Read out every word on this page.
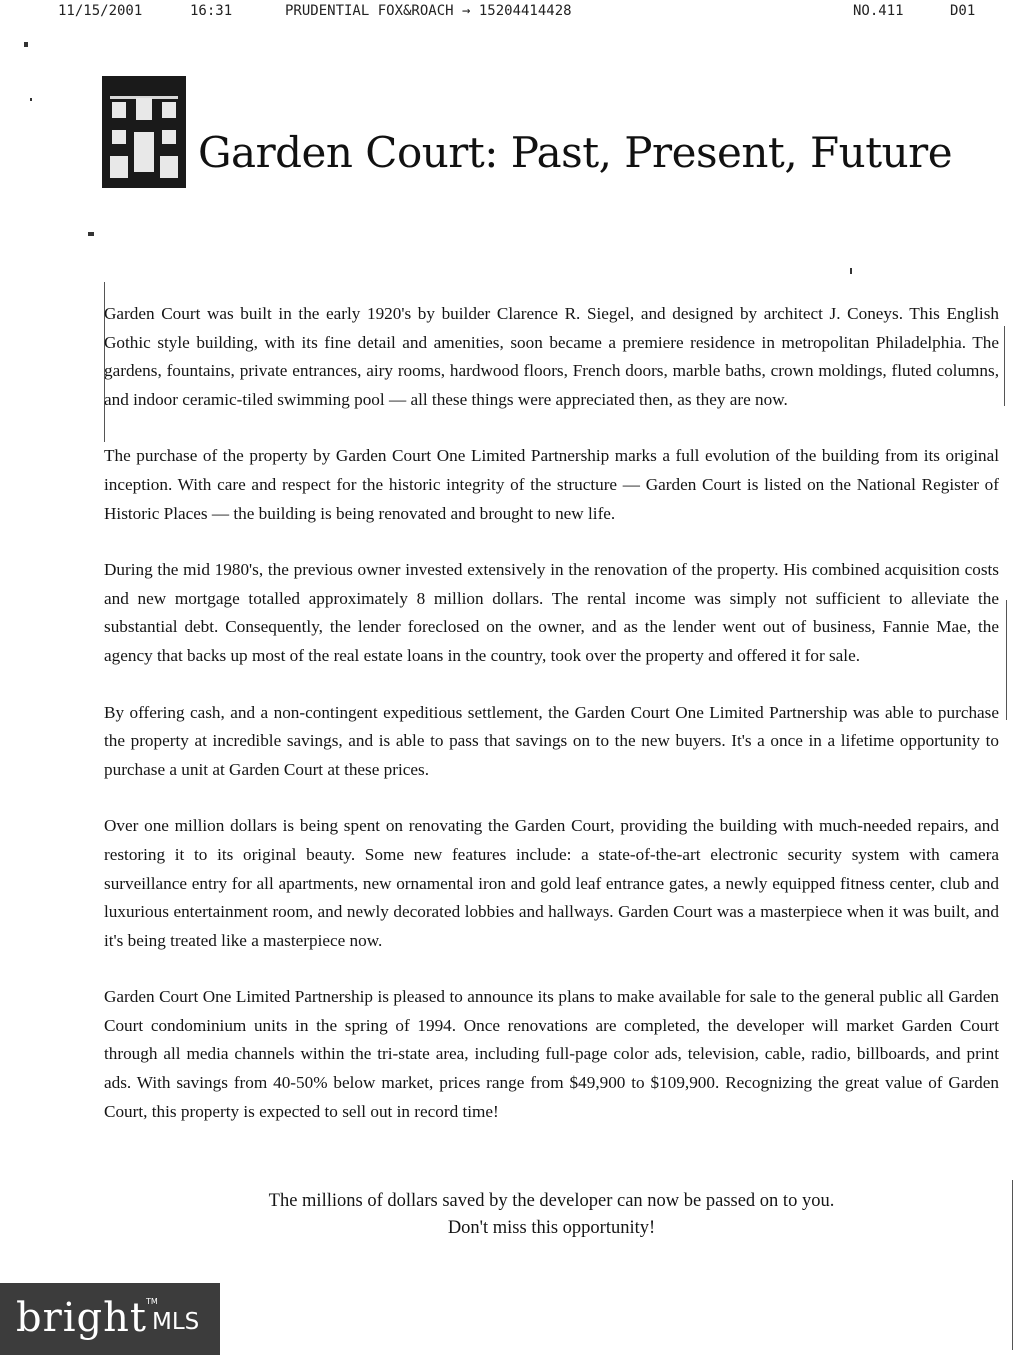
11/15/2001	16:31	PRUDENTIAL FOX&ROACH → 15204414428	NO.411	D01
Garden Court: Past, Present, Future

Garden Court was built in the early 1920's by builder Clarence R. Siegel, and designed by architect J. Coneys. This English Gothic style building, with its fine detail and amenities, soon became a premiere residence in metropolitan Philadelphia. The gardens, fountains, private entrances, airy rooms, hardwood floors, French doors, marble baths, crown moldings, fluted columns, and indoor ceramic-tiled swimming pool — all these things were appreciated then, as they are now.

The purchase of the property by Garden Court One Limited Partnership marks a full evolution of the building from its original inception. With care and respect for the historic integrity of the structure — Garden Court is listed on the National Register of Historic Places — the building is being renovated and brought to new life.

During the mid 1980's, the previous owner invested extensively in the renovation of the property. His combined acquisition costs and new mortgage totalled approximately 8 million dollars. The rental income was simply not sufficient to alleviate the substantial debt. Consequently, the lender foreclosed on the owner, and as the lender went out of business, Fannie Mae, the agency that backs up most of the real estate loans in the country, took over the property and offered it for sale.

By offering cash, and a non-contingent expeditious settlement, the Garden Court One Limited Partnership was able to purchase the property at incredible savings, and is able to pass that savings on to the new buyers. It's a once in a lifetime opportunity to purchase a unit at Garden Court at these prices.

Over one million dollars is being spent on renovating the Garden Court, providing the building with much-needed repairs, and restoring it to its original beauty. Some new features include: a state-of-the-art electronic security system with camera surveillance entry for all apartments, new ornamental iron and gold leaf entrance gates, a newly equipped fitness center, club and luxurious entertainment room, and newly decorated lobbies and hallways. Garden Court was a masterpiece when it was built, and it's being treated like a masterpiece now.

Garden Court One Limited Partnership is pleased to announce its plans to make available for sale to the general public all Garden Court condominium units in the spring of 1994. Once renovations are completed, the developer will market Garden Court through all media channels within the tri-state area, including full-page color ads, television, cable, radio, billboards, and print ads. With savings from 40-50% below market, prices range from $49,900 to $109,900. Recognizing the great value of Garden Court, this property is expected to sell out in record time!

The millions of dollars saved by the developer can now be passed on to you.
Don't miss this opportunity!
bright TM
MLS
